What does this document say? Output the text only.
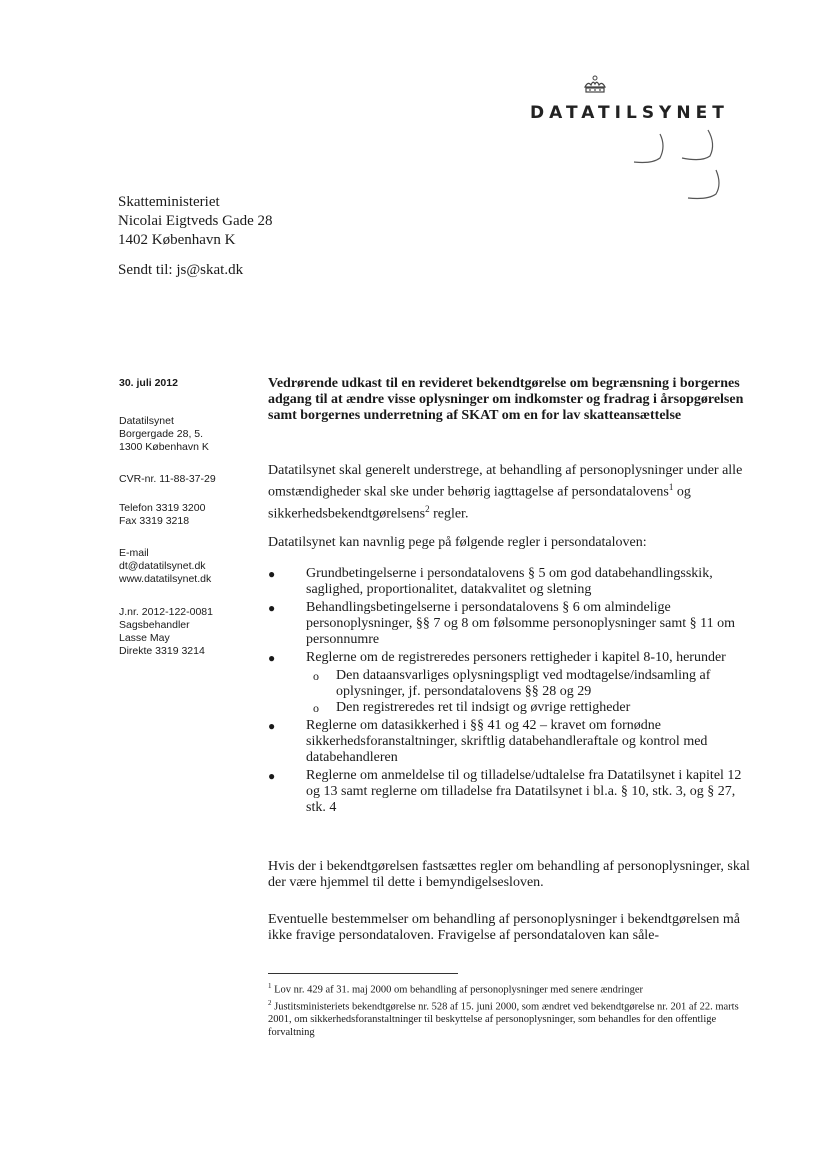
DATATILSYNET
Skatteministeriet
Nicolai Eigtveds Gade 28
1402 København K
Sendt til: js@skat.dk
30. juli 2012
Datatilsynet
Borgergade 28, 5.
1300 København K
CVR-nr. 11-88-37-29
Telefon 3319 3200
Fax 3319 3218
E-mail
dt@datatilsynet.dk
www.datatilsynet.dk
J.nr. 2012-122-0081
Sagsbehandler
Lasse May
Direkte 3319 3214
Vedrørende udkast til en revideret bekendtgørelse om begrænsning i borgernes adgang til at ændre visse oplysninger om indkomster og fradrag i årsopgørelsen samt borgernes underretning af SKAT om en for lav skatteansættelse
Datatilsynet skal generelt understrege, at behandling af personoplysninger under alle omstændigheder skal ske under behørig iagttagelse af persondatalovens$^1$ og sikkerhedsbekendtgørelsens$^2$ regler.
Datatilsynet kan navnlig pege på følgende regler i persondataloven:
● Grundbetingelserne i persondatalovens § 5 om god databehandlingsskik, saglighed, proportionalitet, datakvalitet og sletning
● Behandlingsbetingelserne i persondatalovens § 6 om almindelige personoplysninger, §§ 7 og 8 om følsomme personoplysninger samt § 11 om personnumre
● Reglerne om de registreredes personers rettigheder i kapitel 8-10, herunder
o Den dataansvarliges oplysningspligt ved modtagelse/indsamling af oplysninger, jf. persondatalovens §§ 28 og 29
o Den registreredes ret til indsigt og øvrige rettigheder
● Reglerne om datasikkerhed i §§ 41 og 42 – kravet om fornødne sikkerhedsforanstaltninger, skriftlig databehandleraftale og kontrol med databehandleren
● Reglerne om anmeldelse til og tilladelse/udtalelse fra Datatilsynet i kapitel 12 og 13 samt reglerne om tilladelse fra Datatilsynet i bl.a. § 10, stk. 3, og § 27, stk. 4
Hvis der i bekendtgørelsen fastsættes regler om behandling af personoplysninger, skal der være hjemmel til dette i bemyndigelsesloven.
Eventuelle bestemmelser om behandling af personoplysninger i bekendtgørelsen må ikke fravige persondataloven. Fravigelse af persondataloven kan såle-
$^1$ Lov nr. 429 af 31. maj 2000 om behandling af personoplysninger med senere ændringer
$^2$ Justitsministeriets bekendtgørelse nr. 528 af 15. juni 2000, som ændret ved bekendtgørelse nr. 201 af 22. marts 2001, om sikkerhedsforanstaltninger til beskyttelse af personoplysninger, som behandles for den offentlige forvaltning
